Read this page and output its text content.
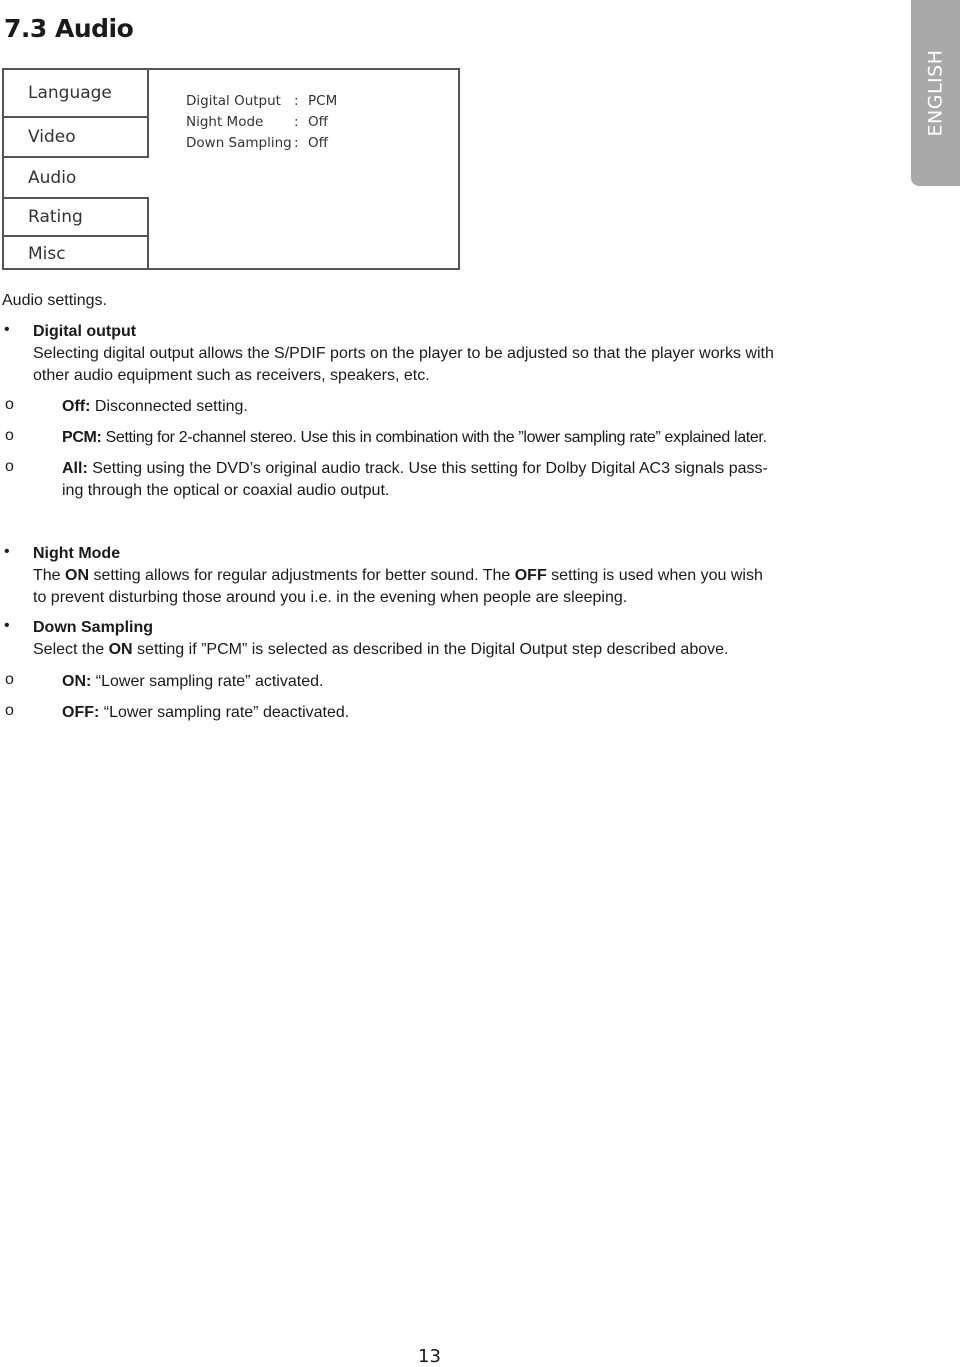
7.3 Audio
ENGLISH
Language
Video
Audio
Rating
Misc
Digital Output : PCM
Night Mode	: Off
Down Sampling : Off

Audio settings.

• Digital output

Selecting digital output allows the S/PDIF ports on the player to be adjusted so that the player works with

other audio equipment such as receivers, speakers, etc.

o	Off: Disconnected setting.

o	PCM: Setting for 2-channel stereo. Use this in combination with the ”lower sampling rate” explained later.

o	All: Setting using the DVD’s original audio track. Use this setting for Dolby Digital AC3 signals pass-

ing through the optical or coaxial audio output.

• Night Mode

The ON setting allows for regular adjustments for better sound. The OFF setting is used when you wish

to prevent disturbing those around you i.e. in the evening when people are sleeping.

• Down Sampling

Select the ON setting if ”PCM” is selected as described in the Digital Output step described above.

o	ON: “Lower sampling rate” activated.

o	OFF: “Lower sampling rate” deactivated.

13
